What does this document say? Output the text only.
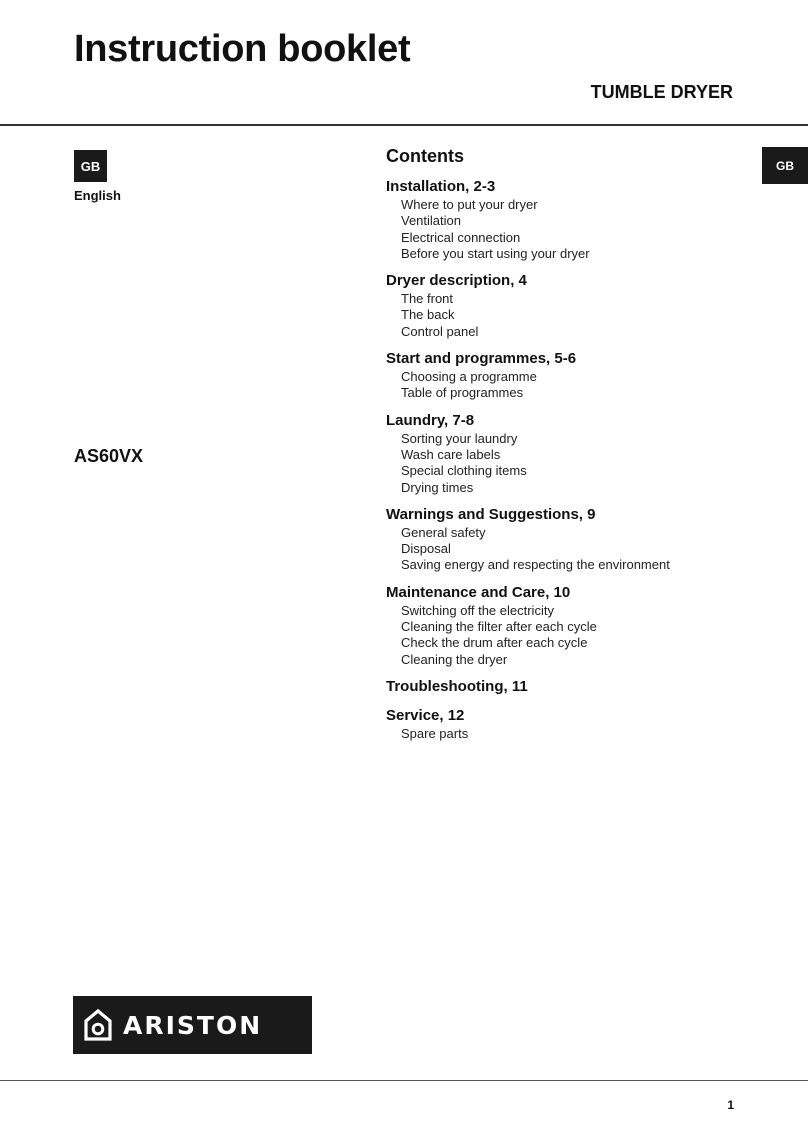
Instruction booklet
TUMBLE DRYER
GB
English
AS60VX
GB
Contents
Installation, 2-3
Where to put your dryer
Ventilation
Electrical connection
Before you start using your dryer
Dryer description, 4
The front
The back
Control panel
Start and programmes, 5-6
Choosing a programme
Table of programmes
Laundry, 7-8
Sorting your laundry
Wash care labels
Special clothing items
Drying times
Warnings and Suggestions, 9
General safety
Disposal
Saving energy and respecting the environment
Maintenance and Care, 10
Switching off the electricity
Cleaning the filter after each cycle
Check the drum after each cycle
Cleaning the dryer
Troubleshooting, 11
Service, 12
Spare parts
ARISTON
1
